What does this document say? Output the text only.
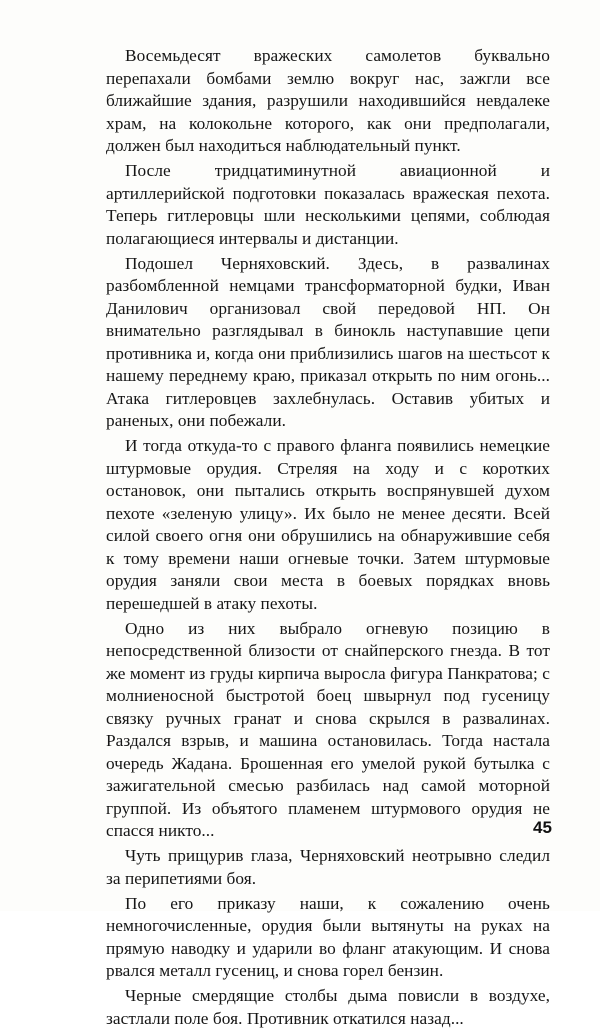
Восемьдесят вражеских самолетов буквально перепахали бомбами землю вокруг нас, зажгли все ближайшие здания, разрушили находившийся невдалеке храм, на колокольне которого, как они предполагали, должен был находиться наблюдательный пункт.

После тридцатиминутной авиационной и артиллерийской подготовки показалась вражеская пехота. Теперь гитлеровцы шли несколькими цепями, соблюдая полагающиеся интервалы и дистанции.

Подошел Черняховский. Здесь, в развалинах разбомбленной немцами трансформаторной будки, Иван Данилович организовал свой передовой НП. Он внимательно разглядывал в бинокль наступавшие цепи противника и, когда они приблизились шагов на шестьсот к нашему переднему краю, приказал открыть по ним огонь... Атака гитлеровцев захлебнулась. Оставив убитых и раненых, они побежали.

И тогда откуда-то с правого фланга появились немецкие штурмовые орудия. Стреляя на ходу и с коротких остановок, они пытались открыть воспрянувшей духом пехоте «зеленую улицу». Их было не менее десяти. Всей силой своего огня они обрушились на обнаружившие себя к тому времени наши огневые точки. Затем штурмовые орудия заняли свои места в боевых порядках вновь перешедшей в атаку пехоты.

Одно из них выбрало огневую позицию в непосредственной близости от снайперского гнезда. В тот же момент из груды кирпича выросла фигура Панкратова; с молниеносной быстротой боец швырнул под гусеницу связку ручных гранат и снова скрылся в развалинах. Раздался взрыв, и машина остановилась. Тогда настала очередь Жадана. Брошенная его умелой рукой бутылка с зажигательной смесью разбилась над самой моторной группой. Из объятого пламенем штурмового орудия не спасся никто...

Чуть прищурив глаза, Черняховский неотрывно следил за перипетиями боя.

По его приказу наши, к сожалению очень немногочисленные, орудия были вытянуты на руках на прямую наводку и ударили во фланг атакующим. И снова рвался металл гусениц, и снова горел бензин.

Черные смердящие столбы дыма повисли в воздухе, застлали поле боя. Противник откатился назад...

45
